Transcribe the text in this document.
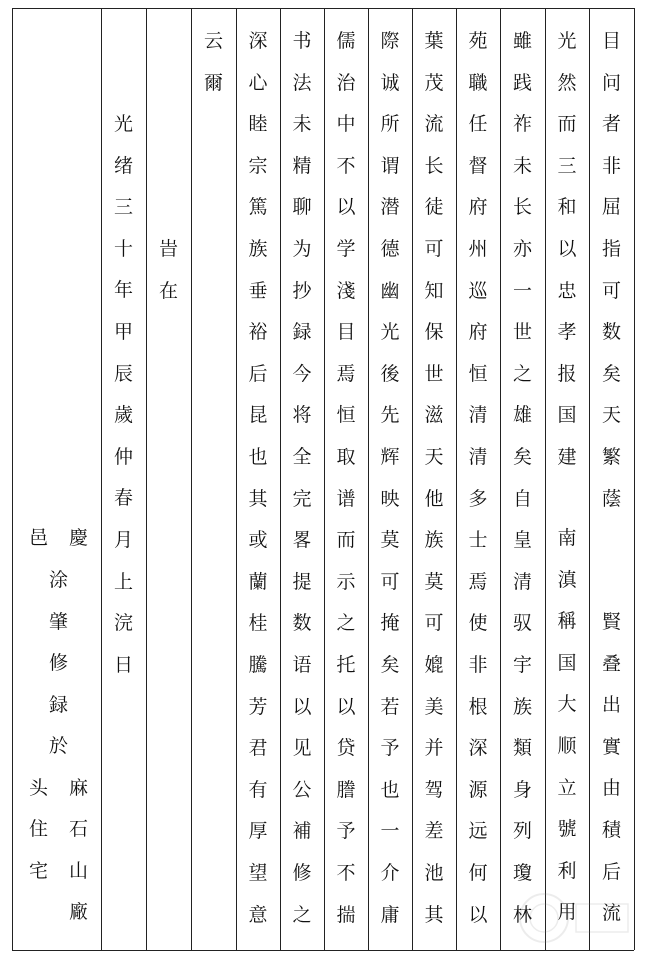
目
问
者
非
屈
指
可
数
矣
天
繁
蔭
賢
叠
出
實
由
積
后
流
光
然
而
三
和
以
忠
孝
报
国
建
南
滇
稱
国
大
顺
立
號
利
用
雖
践
祚
未
长
亦
一
世
之
雄
矣
自
皇
清
驭
宇
族
類
身
列
瓊
林
苑
職
任
督
府
州
巡
府
恒
清
清
多
士
焉
使
非
根
深
源
远
何
以
葉
茂
流
长
徒
可
知
保
世
滋
天
他
族
莫
可
媲
美
并
驾
差
池
其
際
诚
所
谓
潜
德
幽
光
後
先
辉
映
莫
可
掩
矣
若
予
也
一
介
庸
儒
治
中
不
以
学
淺
目
焉
恒
取
谱
而
示
之
托
以
贷
謄
予
不
揣
书
法
未
精
聊
为
抄
録
今
将
全
完
畧
提
数
语
以
见
公
補
修
之
深
心
睦
宗
篤
族
垂
裕
后
昆
也
其
或
蘭
桂
騰
芳
君
有
厚
望
意
云
爾
旹
在
光
绪
三
十
年
甲
辰
歲
仲
春
月
上
浣
日
慶
麻
石
山
廠
涂
肇
修
録
於
邑
头
住
宅
